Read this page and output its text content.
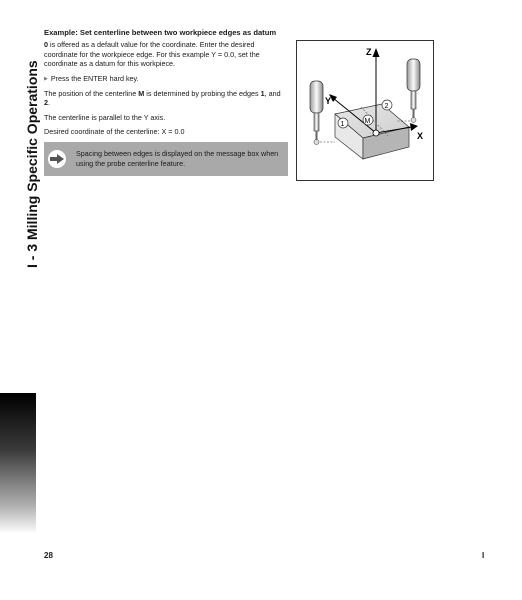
I - 3 Milling Specific Operations

Example: Set centerline between two workpiece edges as datum

0 is offered as a default value for the coordinate. Enter the desired coordinate for the workpiece edge. For this example Y = 0.0, set the coordinate as a datum for this workpiece.

▶ Press the ENTER hard key.

The position of the centerline M is determined by probing the edges 1, and 2.

The centerline is parallel to the Y axis.

Desired coordinate of the centerline: X = 0.0

Spacing between edges is displayed on the message box when using the probe centerline feature.
Z
Y
X
1
2
M
28	I
